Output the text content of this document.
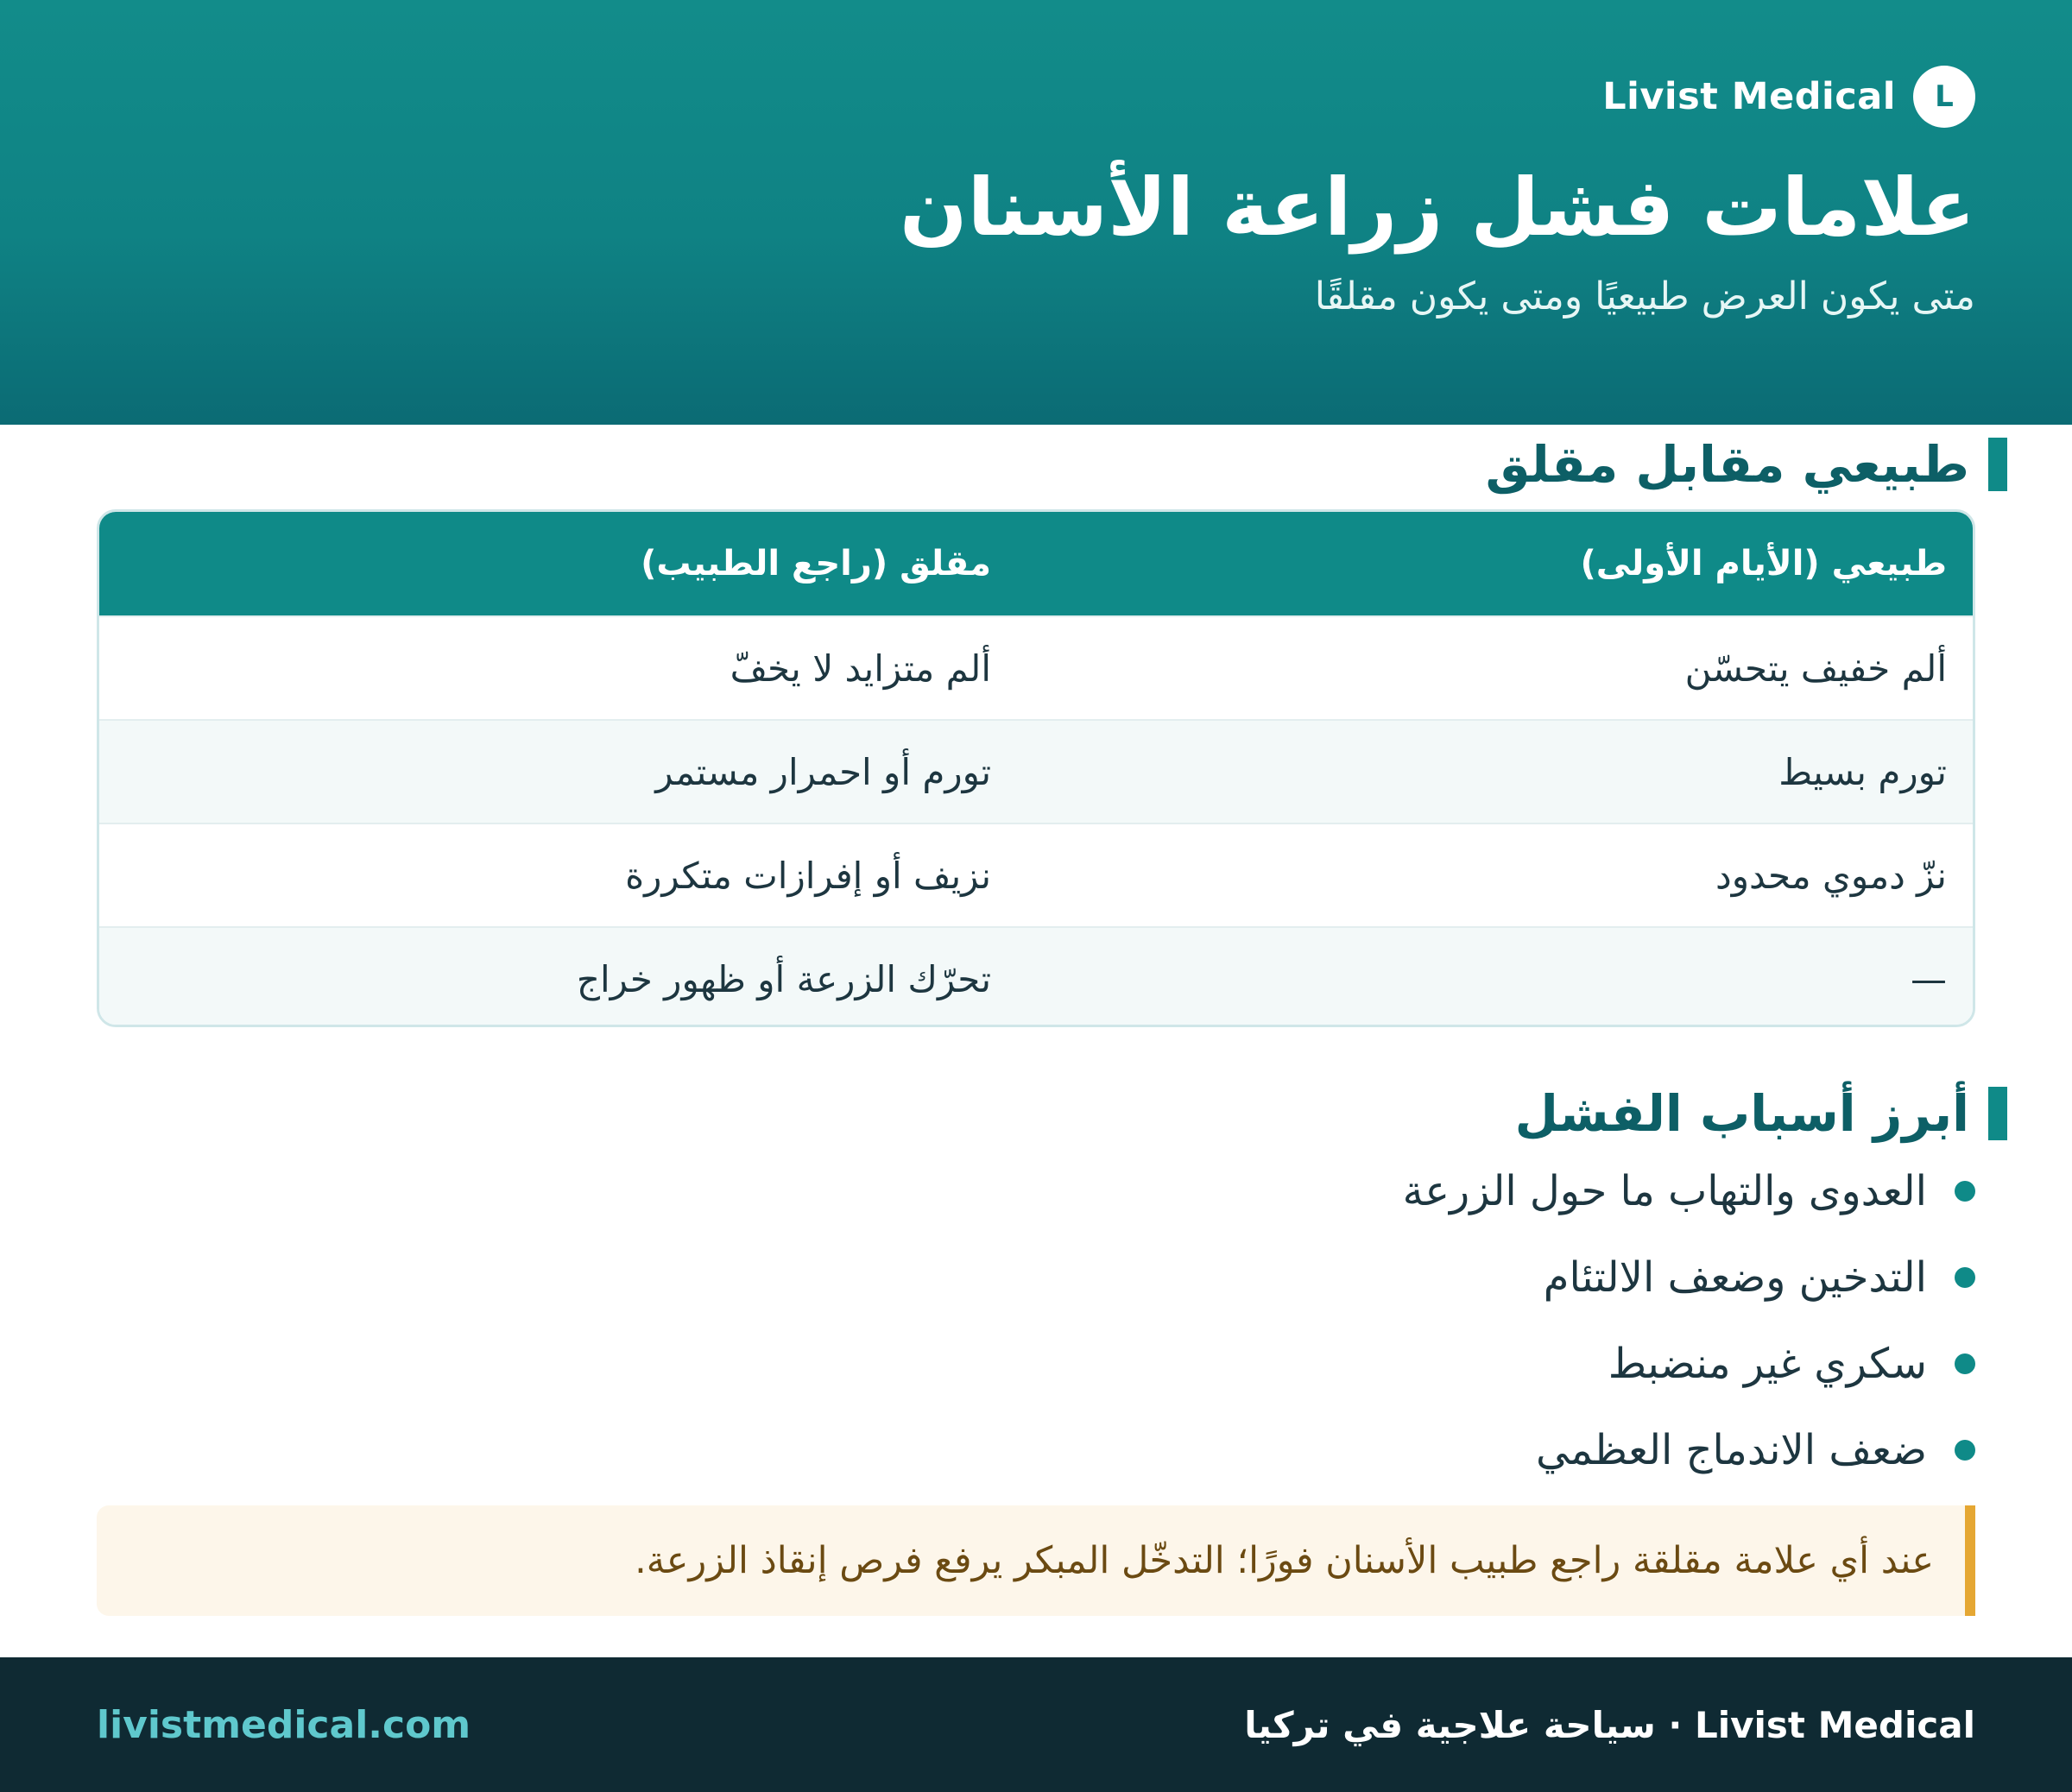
L
Livist Medical
علامات فشل زراعة الأسنان

متى يكون العرض طبيعيًا ومتى يكون مقلقًا

طبيعي مقابل مقلق
طبيعي (الأيام الأولى)
مقلق (راجع الطبيب)
ألم خفيف يتحسّن
ألم متزايد لا يخفّ
تورم بسيط
تورم أو احمرار مستمر
نزّ دموي محدود
نزيف أو إفرازات متكررة
—
تحرّك الزرعة أو ظهور خراج
أبرز أسباب الفشل
العدوى والتهاب ما حول الزرعة
التدخين وضعف الالتئام
سكري غير منضبط
ضعف الاندماج العظمي
عند أي علامة مقلقة راجع طبيب الأسنان فورًا؛ التدخّل المبكر يرفع فرص إنقاذ الزرعة.
Livist Medical · سياحة علاجية في تركيا
livistmedical.com
